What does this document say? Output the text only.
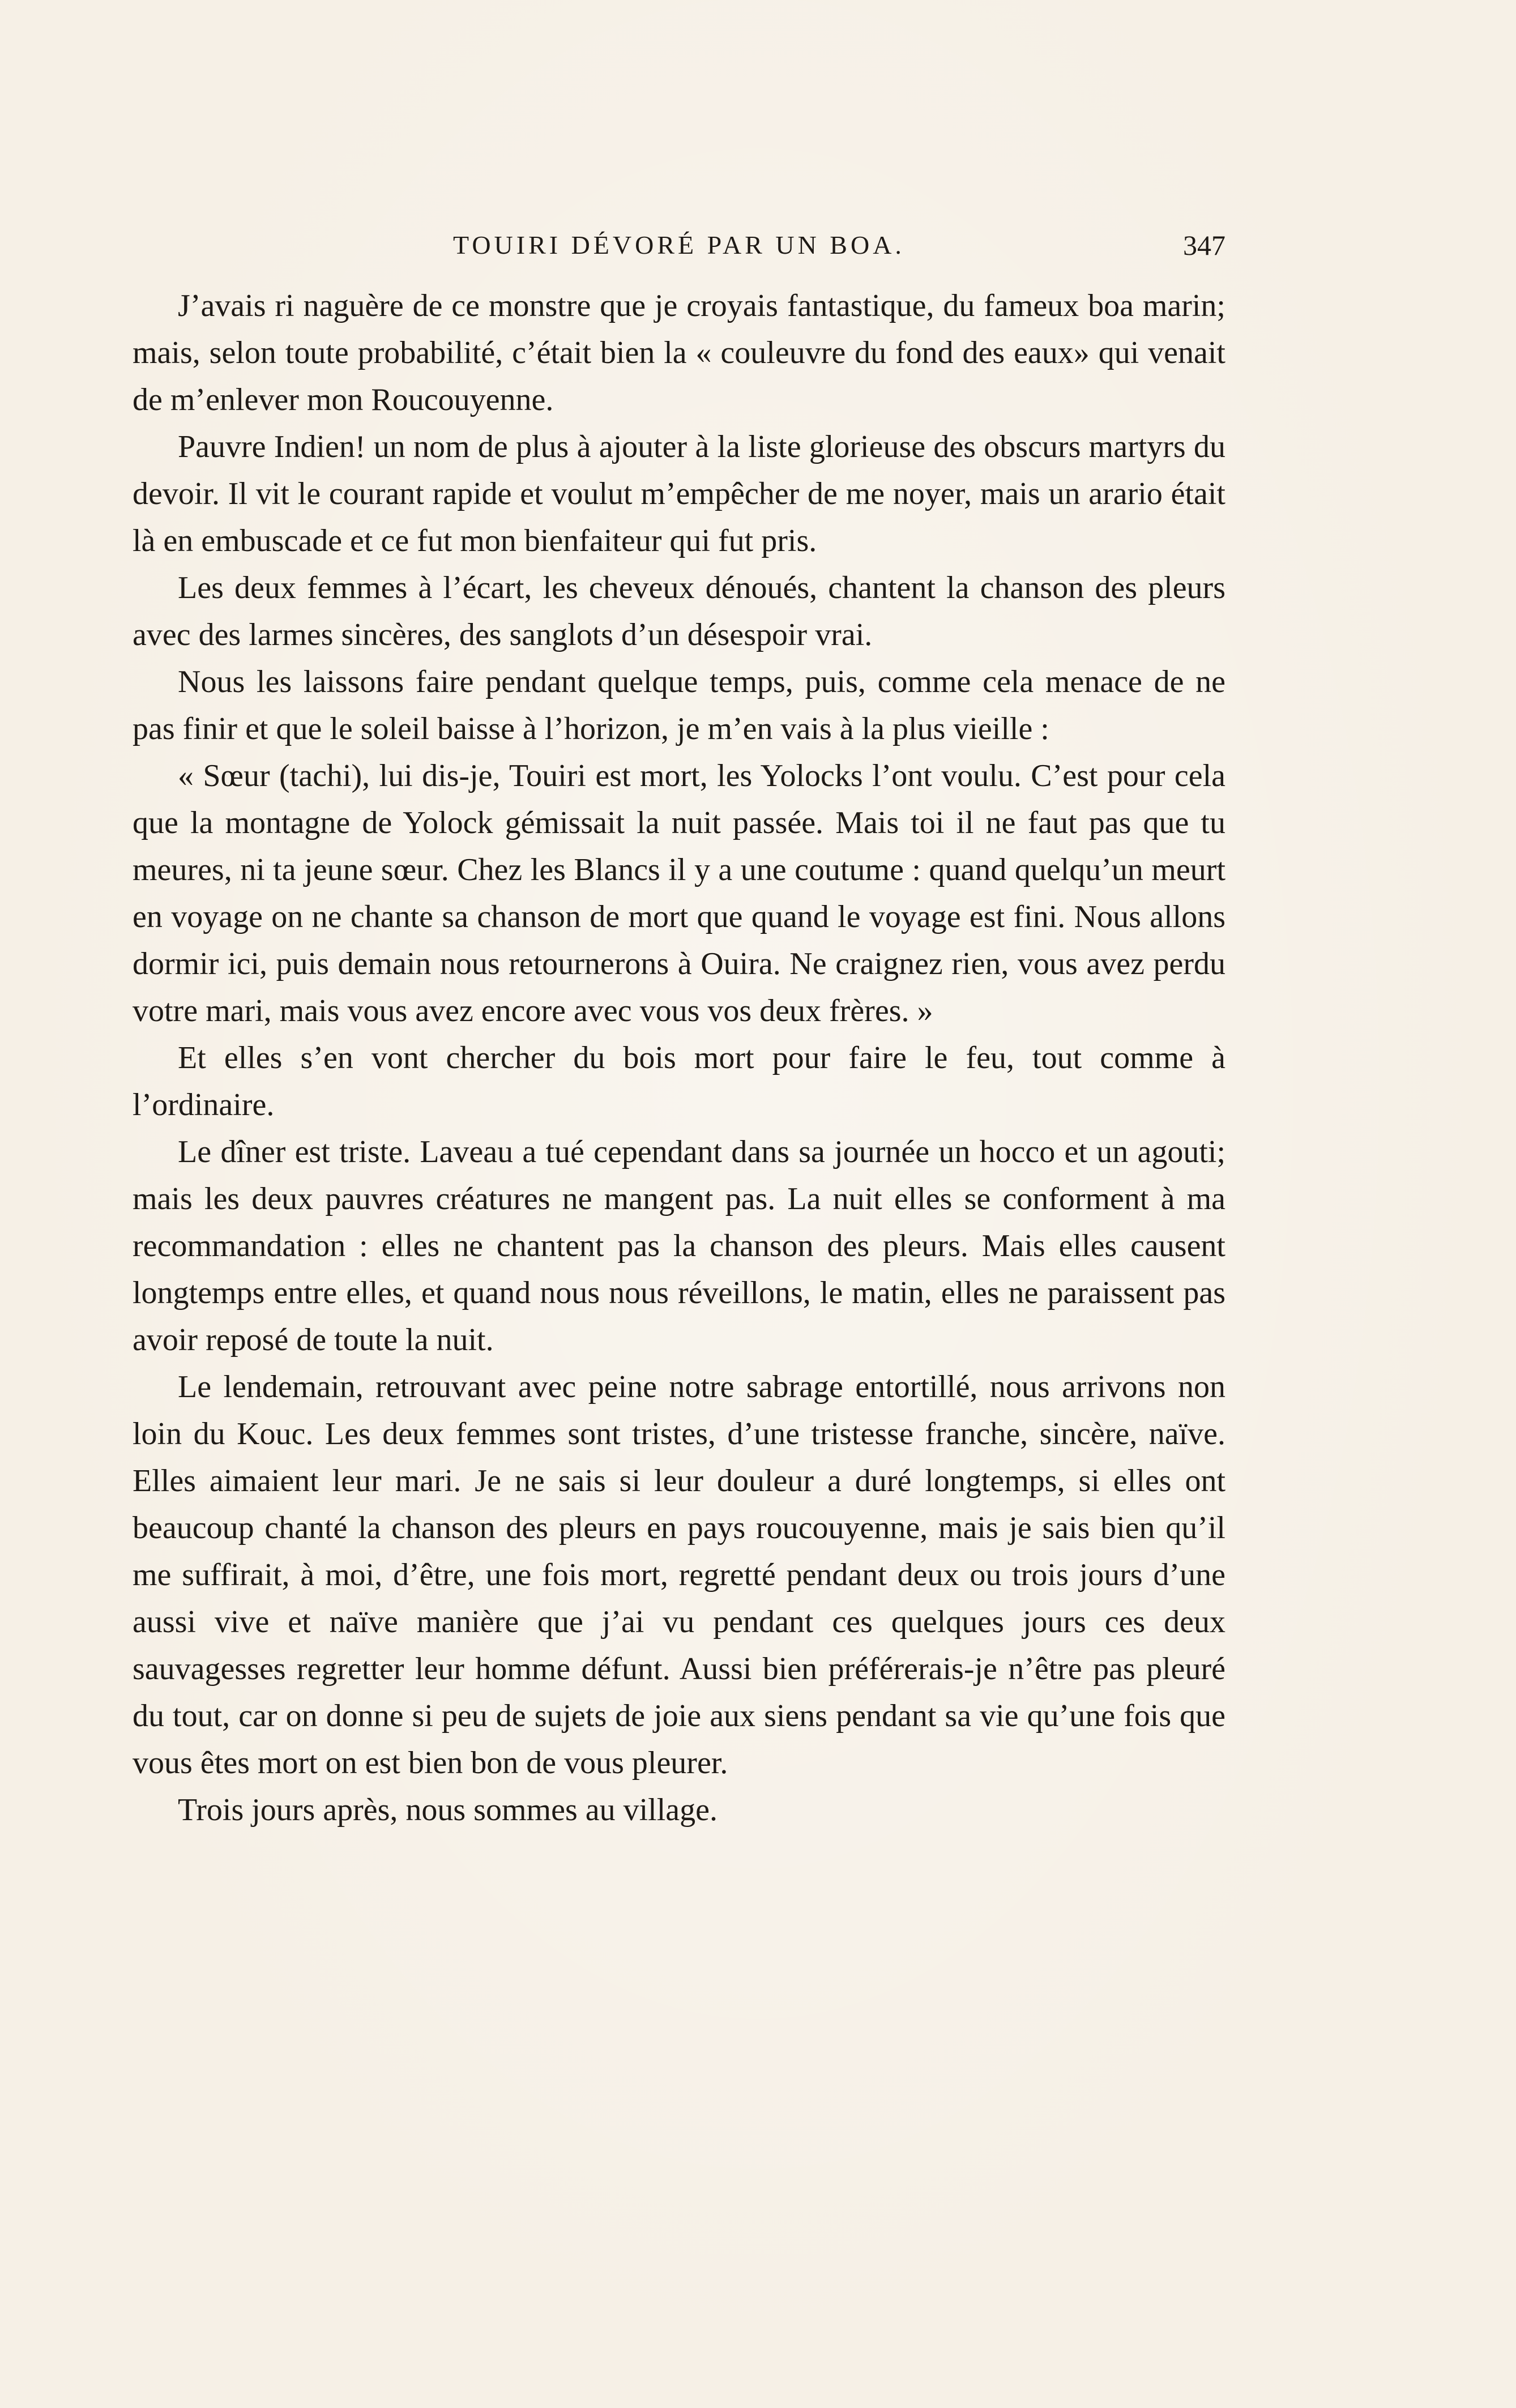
TOUIRI DÉVORÉ PAR UN BOA.	347

J’avais ri naguère de ce monstre que je croyais fantastique, du fameux boa marin; mais, selon toute probabilité, c’était bien la « couleuvre du fond des eaux» qui venait de m’enlever mon Roucouyenne.

Pauvre Indien! un nom de plus à ajouter à la liste glorieuse des obscurs martyrs du devoir. Il vit le courant rapide et voulut m’empêcher de me noyer, mais un arario était là en embuscade et ce fut mon bienfaiteur qui fut pris.

Les deux femmes à l’écart, les cheveux dénoués, chantent la chanson des pleurs avec des larmes sincères, des sanglots d’un désespoir vrai.

Nous les laissons faire pendant quelque temps, puis, comme cela menace de ne pas finir et que le soleil baisse à l’horizon, je m’en vais à la plus vieille :

« Sœur (tachi), lui dis-je, Touiri est mort, les Yolocks l’ont voulu. C’est pour cela que la montagne de Yolock gémissait la nuit passée. Mais toi il ne faut pas que tu meures, ni ta jeune sœur. Chez les Blancs il y a une coutume : quand quelqu’un meurt en voyage on ne chante sa chanson de mort que quand le voyage est fini. Nous allons dormir ici, puis demain nous retournerons à Ouira. Ne craignez rien, vous avez perdu votre mari, mais vous avez encore avec vous vos deux frères. »

Et elles s’en vont chercher du bois mort pour faire le feu, tout comme à l’ordinaire.

Le dîner est triste. Laveau a tué cependant dans sa journée un hocco et un agouti; mais les deux pauvres créatures ne mangent pas. La nuit elles se conforment à ma recommandation : elles ne chantent pas la chanson des pleurs. Mais elles causent longtemps entre elles, et quand nous nous réveillons, le matin, elles ne paraissent pas avoir reposé de toute la nuit.

Le lendemain, retrouvant avec peine notre sabrage entortillé, nous arrivons non loin du Kouc. Les deux femmes sont tristes, d’une tristesse franche, sincère, naïve. Elles aimaient leur mari. Je ne sais si leur douleur a duré longtemps, si elles ont beaucoup chanté la chanson des pleurs en pays roucouyenne, mais je sais bien qu’il me suffirait, à moi, d’être, une fois mort, regretté pendant deux ou trois jours d’une aussi vive et naïve manière que j’ai vu pendant ces quelques jours ces deux sauvagesses regretter leur homme défunt. Aussi bien préférerais-je n’être pas pleuré du tout, car on donne si peu de sujets de joie aux siens pendant sa vie qu’une fois que vous êtes mort on est bien bon de vous pleurer.

Trois jours après, nous sommes au village.
